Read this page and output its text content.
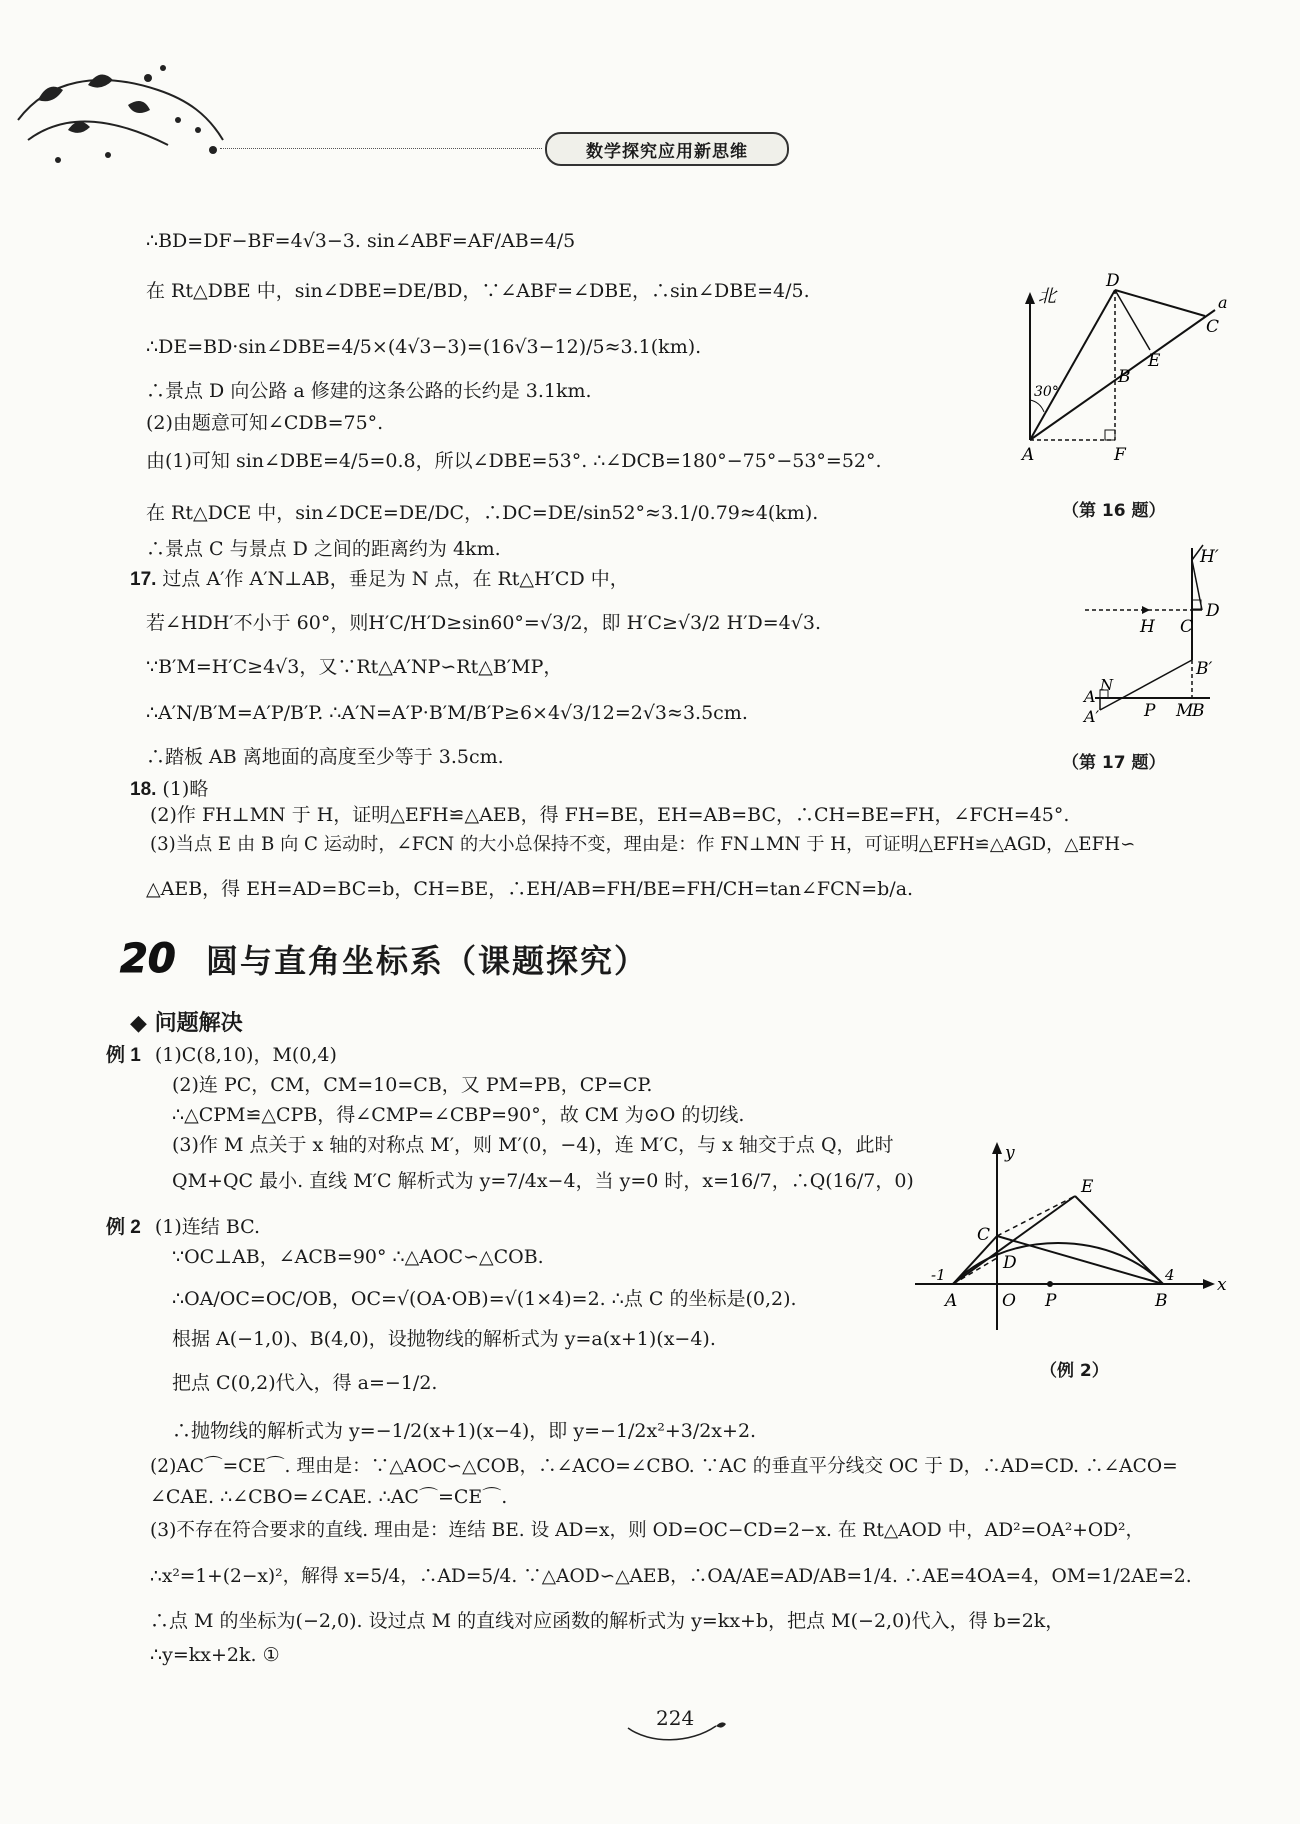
数学探究应用新思维
∴BD=DF−BF=4√3−3. sin∠ABF=AF/AB=4/5
在 Rt△DBE 中，sin∠DBE=DE/BD，∵∠ABF=∠DBE，∴sin∠DBE=4/5.
∴DE=BD·sin∠DBE=4/5×(4√3−3)=(16√3−12)/5≈3.1(km).
∴景点 D 向公路 a 修建的这条公路的长约是 3.1km.
(2)由题意可知∠CDB=75°.
由(1)可知 sin∠DBE=4/5=0.8，所以∠DBE=53°. ∴∠DCB=180°−75°−53°=52°.
在 Rt△DCE 中，sin∠DCE=DE/DC，∴DC=DE/sin52°≈3.1/0.79≈4(km).
∴景点 C 与景点 D 之间的距离约为 4km.
17. 过点 A′作 A′N⊥AB，垂足为 N 点，在 Rt△H′CD 中，
若∠HDH′不小于 60°，则H′C/H′D≥sin60°=√3/2，即 H′C≥√3/2 H′D=4√3.
∵B′M=H′C≥4√3，又∵Rt△A′NP∽Rt△B′MP，
∴A′N/B′M=A′P/B′P. ∴A′N=A′P·B′M/B′P≥6×4√3/12=2√3≈3.5cm.
∴踏板 AB 离地面的高度至少等于 3.5cm.
18. (1)略
(2)作 FH⊥MN 于 H，证明△EFH≌△AEB，得 FH=BE，EH=AB=BC，∴CH=BE=FH，∠FCH=45°.
(3)当点 E 由 B 向 C 运动时，∠FCN 的大小总保持不变，理由是：作 FN⊥MN 于 H，可证明△EFH≌△AGD，△EFH∽
△AEB，得 EH=AD=BC=b，CH=BE，∴EH/AB=FH/BE=FH/CH=tan∠FCN=b/a.
北
30°
A
B
C
D
E
F
a
（第 16 题）
H′
H C
D
B′
N
A
A′	P M
B
（第 17 题）
20 圆与直角坐标系（课题探究）
◆ 问题解决
例 1 (1)C(8,10)，M(0,4)
(2)连 PC，CM，CM=10=CB，又 PM=PB，CP=CP.
∴△CPM≌△CPB，得∠CMP=∠CBP=90°，故 CM 为⊙O 的切线.
(3)作 M 点关于 x 轴的对称点 M′，则 M′(0，−4)，连 M′C，与 x 轴交于点 Q，此时
QM+QC 最小. 直线 M′C 解析式为 y=7/4x−4，当 y=0 时，x=16/7，∴Q(16/7，0)
例 2 (1)连结 BC.
∵OC⊥AB，∠ACB=90° ∴△AOC∽△COB.
∴OA/OC=OC/OB，OC=√(OA·OB)=√(1×4)=2. ∴点 C 的坐标是(0,2).
根据 A(−1,0)、B(4,0)，设抛物线的解析式为 y=a(x+1)(x−4).
把点 C(0,2)代入，得 a=−1/2.
∴抛物线的解析式为 y=−1/2(x+1)(x−4)，即 y=−1/2x²+3/2x+2.
(2)AC⌒=CE⌒. 理由是：∵△AOC∽△COB，∴∠ACO=∠CBO. ∵AC 的垂直平分线交 OC 于 D，∴AD=CD. ∴∠ACO=
∠CAE. ∴∠CBO=∠CAE. ∴AC⌒=CE⌒.
(3)不存在符合要求的直线. 理由是：连结 BE. 设 AD=x，则 OD=OC−CD=2−x. 在 Rt△AOD 中，AD²=OA²+OD²，
∴x²=1+(2−x)²，解得 x=5/4，∴AD=5/4. ∵△AOD∽△AEB，∴OA/AE=AD/AB=1/4. ∴AE=4OA=4，OM=1/2AE=2.
∴点 M 的坐标为(−2,0). 设过点 M 的直线对应函数的解析式为 y=kx+b，把点 M(−2,0)代入，得 b=2k，
∴y=kx+2k. ①
y
x
C
E
D
A	O P	B
-1	4
（例 2）
224
